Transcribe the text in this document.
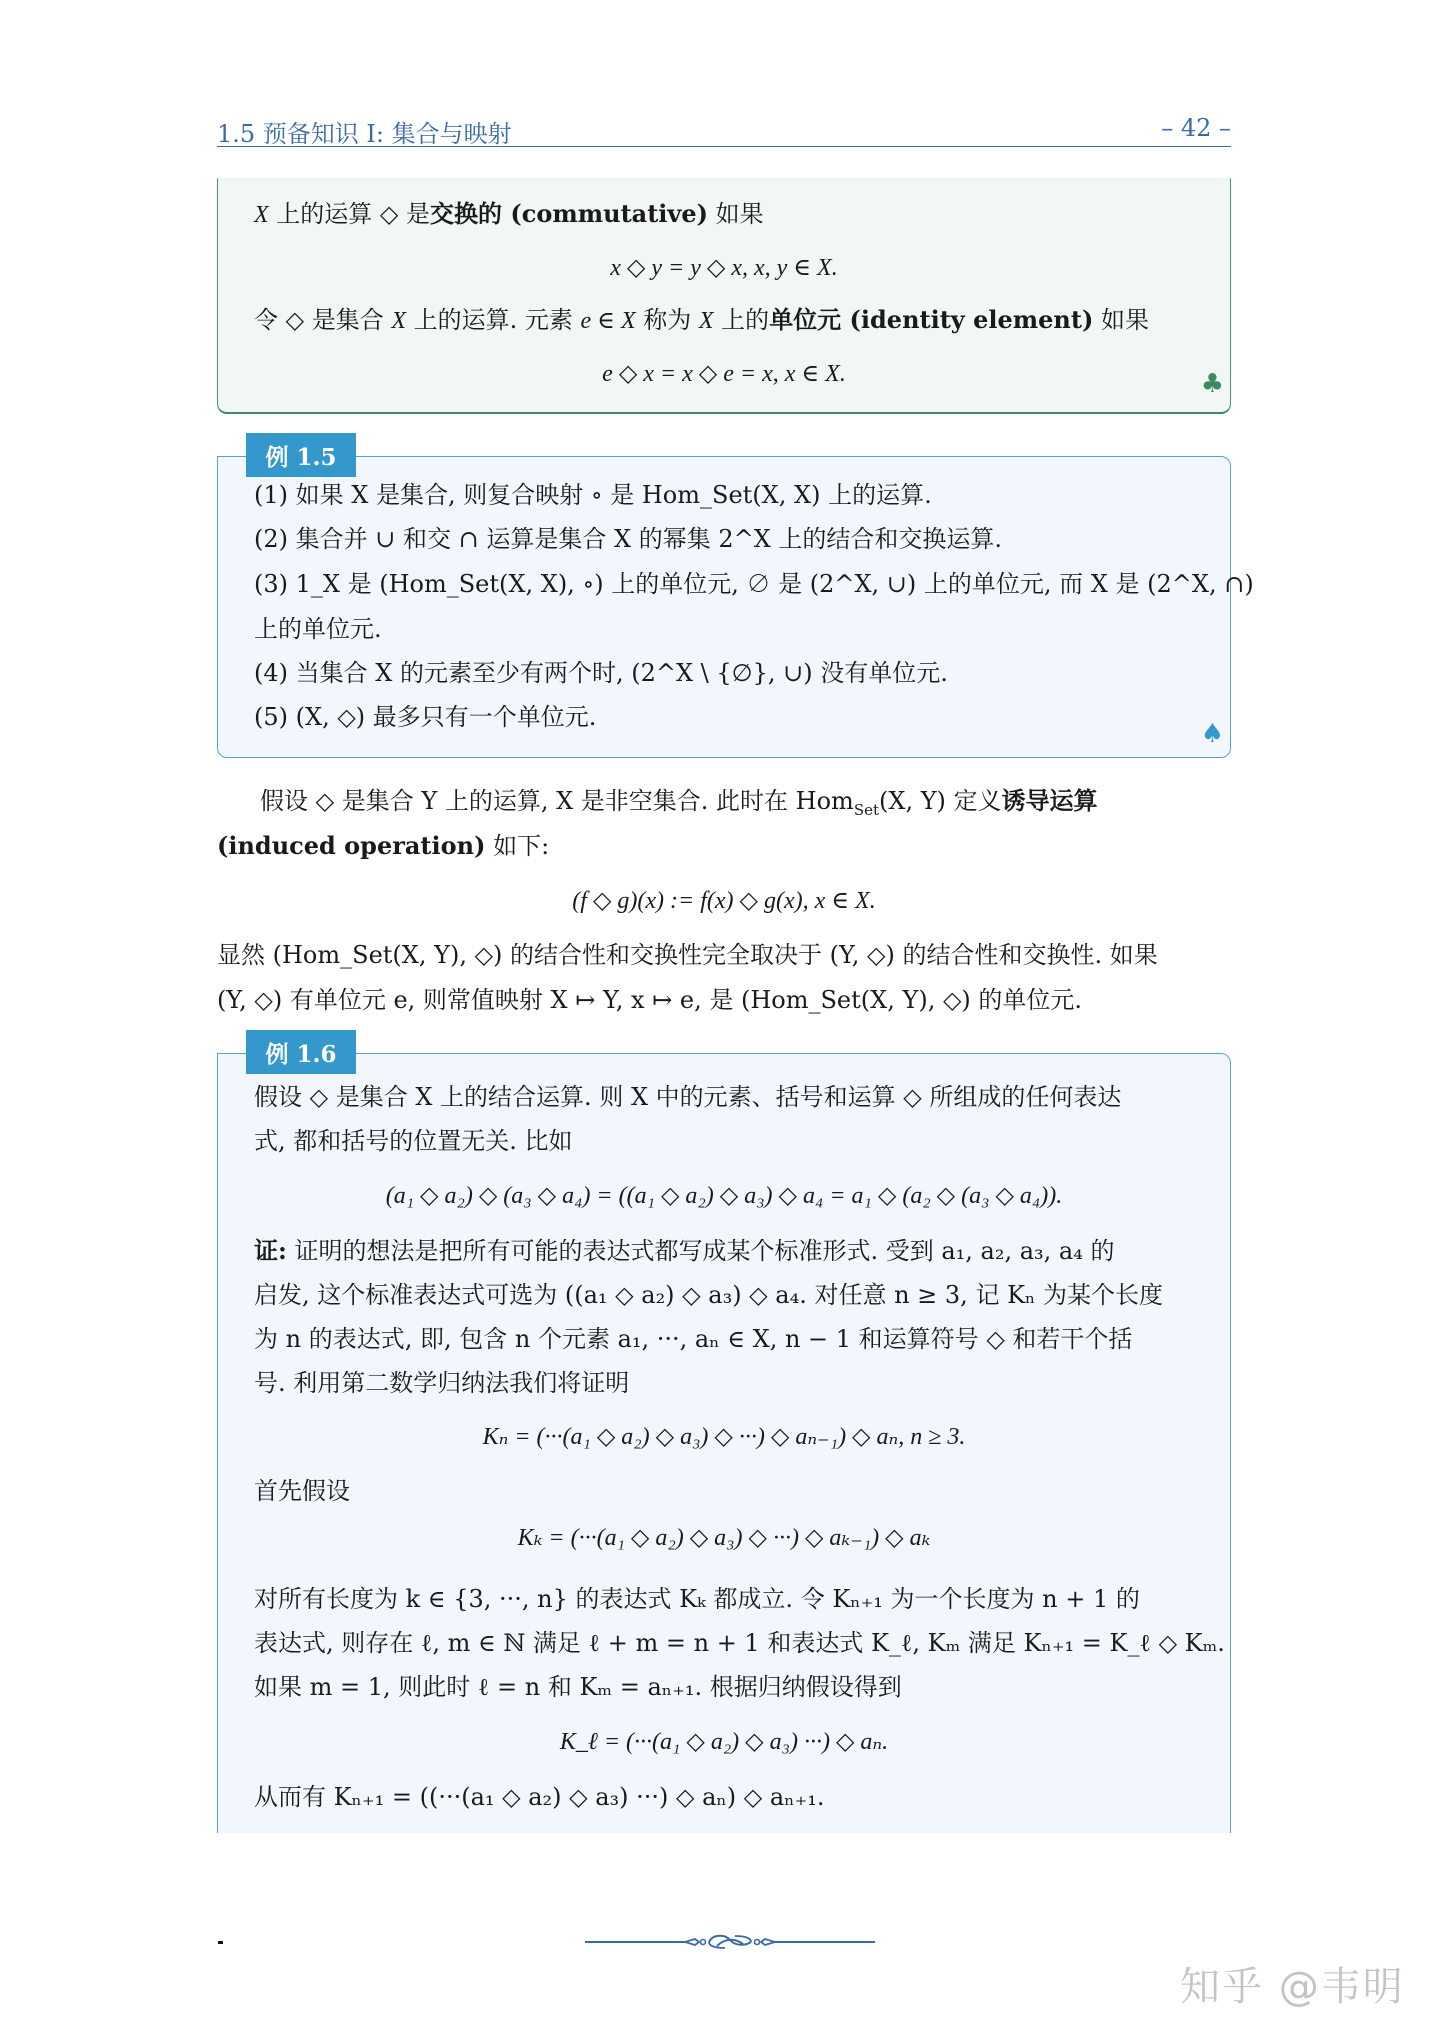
1.5 预备知识 I: 集合与映射	– 42 –
X 上的运算 ◇ 是交换的 (commutative) 如果
x ◇ y = y ◇ x, x, y ∈ X.
令 ◇ 是集合 X 上的运算. 元素 e ∈ X 称为 X 上的单位元 (identity element) 如果
e ◇ x = x ◇ e = x, x ∈ X.	♣
例 1.5
(1) 如果 X 是集合, 则复合映射 ∘ 是 Hom_Set(X, X) 上的运算.
(2) 集合并 ∪ 和交 ∩ 运算是集合 X 的幂集 2^X 上的结合和交换运算.
(3) 1_X 是 (Hom_Set(X, X), ∘) 上的单位元, ∅ 是 (2^X, ∪) 上的单位元, 而 X 是 (2^X, ∩)
上的单位元.
(4) 当集合 X 的元素至少有两个时, (2^X \ {∅}, ∪) 没有单位元.
(5) (X, ◇) 最多只有一个单位元.
♠
假设 ◇ 是集合 Y 上的运算, X 是非空集合. 此时在 Hom$_{Set}$(X, Y) 定义诱导运算
(induced operation) 如下:
(f ◇ g)(x) := f(x) ◇ g(x), x ∈ X.
显然 (Hom_Set(X, Y), ◇) 的结合性和交换性完全取决于 (Y, ◇) 的结合性和交换性. 如果
(Y, ◇) 有单位元 e, 则常值映射 X ↦ Y, x ↦ e, 是 (Hom_Set(X, Y), ◇) 的单位元.
例 1.6
假设 ◇ 是集合 X 上的结合运算. 则 X 中的元素、括号和运算 ◇ 所组成的任何表达
式, 都和括号的位置无关. 比如
(a₁ ◇ a₂) ◇ (a₃ ◇ a₄) = ((a₁ ◇ a₂) ◇ a₃) ◇ a₄ = a₁ ◇ (a₂ ◇ (a₃ ◇ a₄)).
证: 证明的想法是把所有可能的表达式都写成某个标准形式. 受到 a₁, a₂, a₃, a₄ 的
启发, 这个标准表达式可选为 ((a₁ ◇ a₂) ◇ a₃) ◇ a₄. 对任意 n ≥ 3, 记 Kₙ 为某个长度
为 n 的表达式, 即, 包含 n 个元素 a₁, ···, aₙ ∈ X, n − 1 和运算符号 ◇ 和若干个括
号. 利用第二数学归纳法我们将证明
Kₙ = (···(a₁ ◇ a₂) ◇ a₃) ◇ ···) ◇ aₙ₋₁) ◇ aₙ, n ≥ 3.
首先假设
Kₖ = (···(a₁ ◇ a₂) ◇ a₃) ◇ ···) ◇ aₖ₋₁) ◇ aₖ
对所有长度为 k ∈ {3, ···, n} 的表达式 Kₖ 都成立. 令 Kₙ₊₁ 为一个长度为 n + 1 的
表达式, 则存在 ℓ, m ∈ ℕ 满足 ℓ + m = n + 1 和表达式 K_ℓ, Kₘ 满足 Kₙ₊₁ = K_ℓ ◇ Kₘ.
如果 m = 1, 则此时 ℓ = n 和 Kₘ = aₙ₊₁. 根据归纳假设得到
K_ℓ = (···(a₁ ◇ a₂) ◇ a₃) ···) ◇ aₙ.
从而有 Kₙ₊₁ = ((···(a₁ ◇ a₂) ◇ a₃) ···) ◇ aₙ) ◇ aₙ₊₁.
知乎 @韦明
